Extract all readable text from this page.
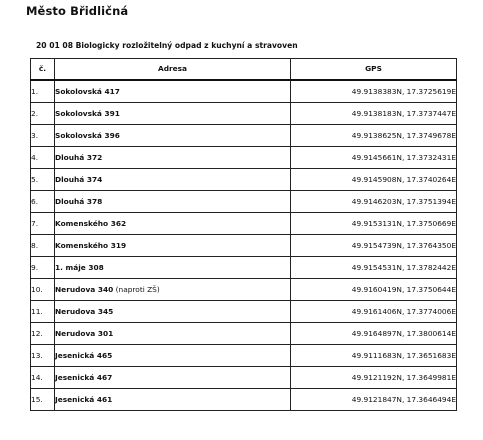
Město Břidličná
20 01 08 Biologicky rozložitelný odpad z kuchyní a stravoven
č.	Adresa	GPS
1.	Sokolovská 417	49.9138383N, 17.3725619E
2.	Sokolovská 391	49.9138183N, 17.3737447E
3.	Sokolovská 396	49.9138625N, 17.3749678E
4.	Dlouhá 372	49.9145661N, 17.3732431E
5.	Dlouhá 374	49.9145908N, 17.3740264E
6.	Dlouhá 378	49.9146203N, 17.3751394E
7.	Komenského 362	49.9153131N, 17.3750669E
8.	Komenského 319	49.9154739N, 17.3764350E
9.	1. máje 308	49.9154531N, 17.3782442E
10.	Nerudova 340 (naproti ZŠ)	49.9160419N, 17.3750644E
11.	Nerudova 345	49.9161406N, 17.3774006E
12.	Nerudova 301	49.9164897N, 17.3800614E
13.	Jesenická 465	49.9111683N, 17.3651683E
14.	Jesenická 467	49.9121192N, 17.3649981E
15.	Jesenická 461	49.9121847N, 17.3646494E
